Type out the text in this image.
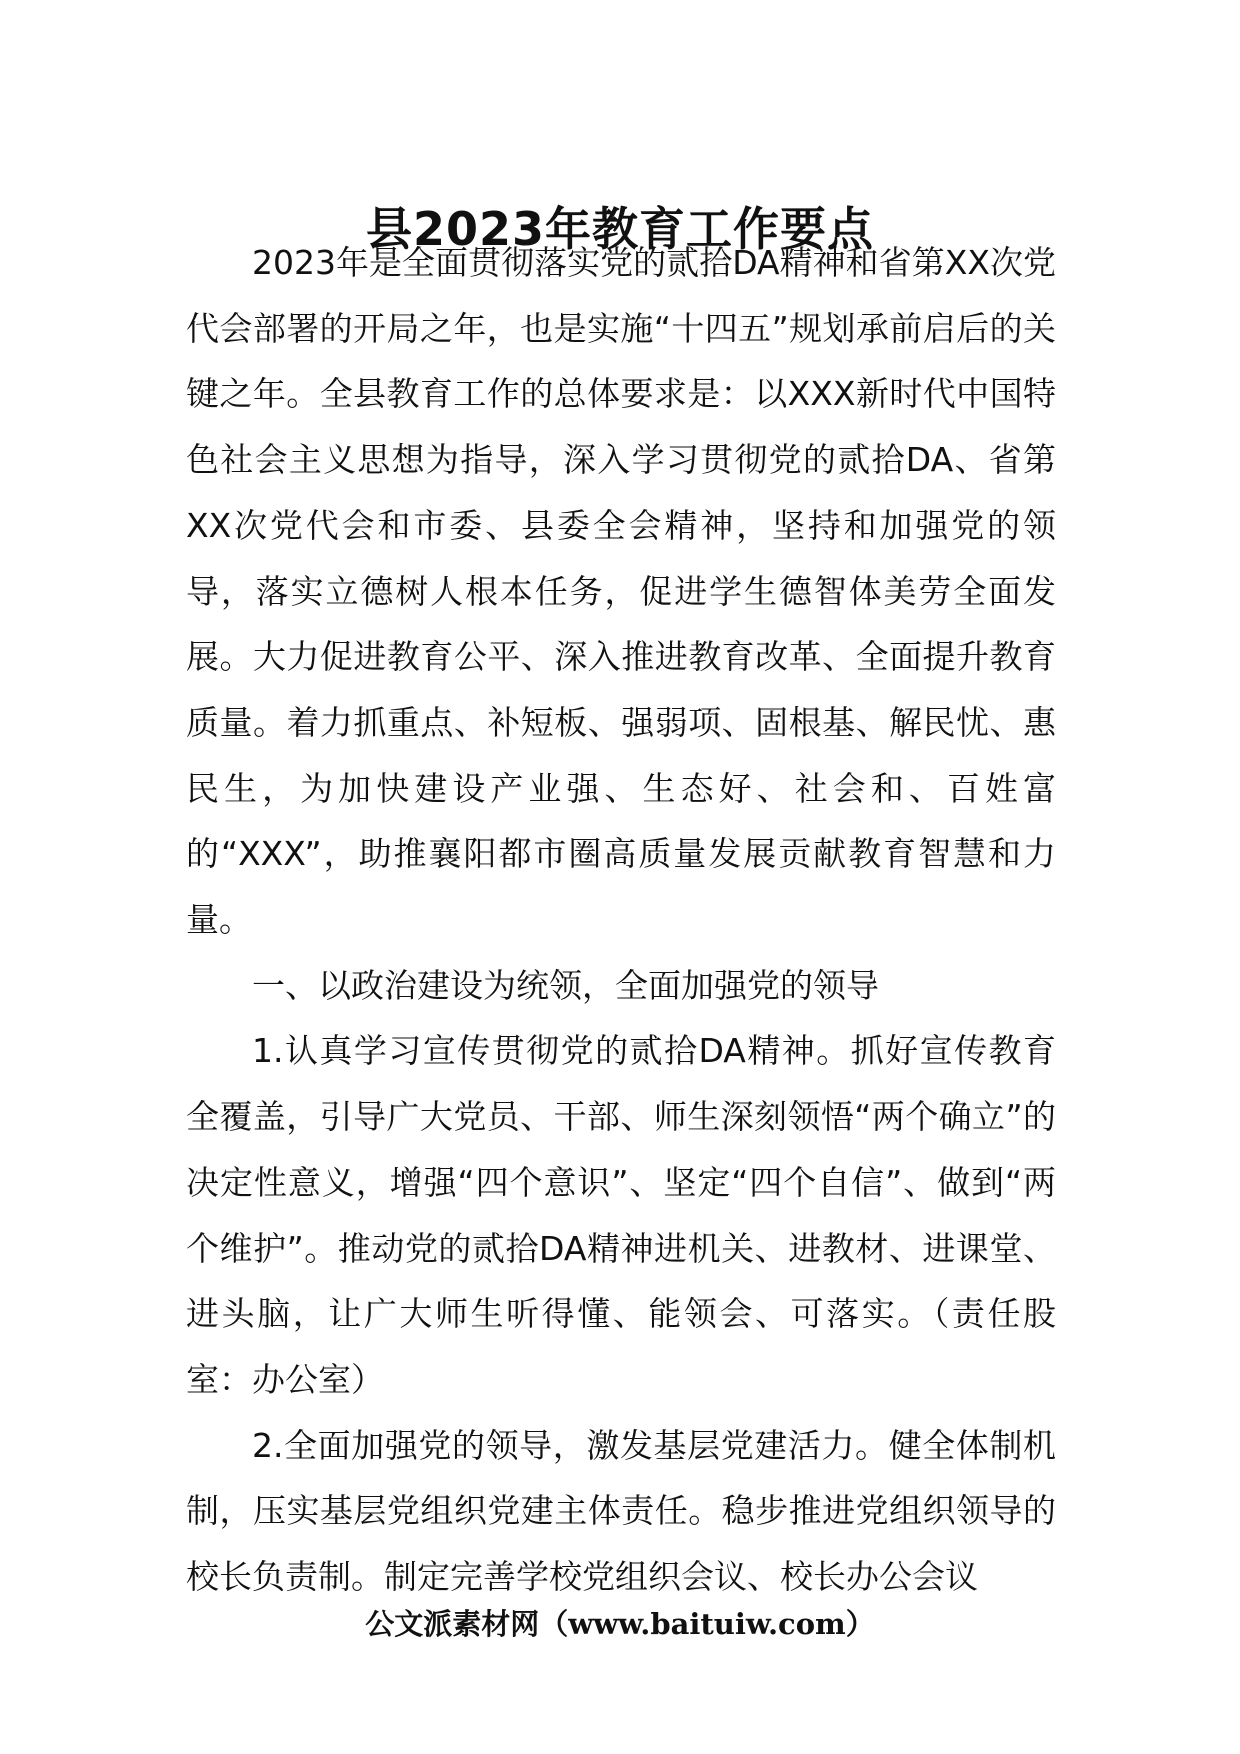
县2023年教育工作要点

2023年是全面贯彻落实党的贰拾DA精神和省第XX次党代会部署的开局之年，也是实施“十四五”规划承前启后的关键之年。全县教育工作的总体要求是：以XXX新时代中国特色社会主义思想为指导，深入学习贯彻党的贰拾DA、省第XX次党代会和市委、县委全会精神，坚持和加强党的领导，落实立德树人根本任务，促进学生德智体美劳全面发展。大力促进教育公平、深入推进教育改革、全面提升教育质量。着力抓重点、补短板、强弱项、固根基、解民忧、惠民生，为加快建设产业强、生态好、社会和、百姓富的“XXX”，助推襄阳都市圈高质量发展贡献教育智慧和力量。

一、以政治建设为统领，全面加强党的领导

1.认真学习宣传贯彻党的贰拾DA精神。抓好宣传教育全覆盖，引导广大党员、干部、师生深刻领悟“两个确立”的决定性意义，增强“四个意识”、坚定“四个自信”、做到“两个维护”。推动党的贰拾DA精神进机关、进教材、进课堂、进头脑，让广大师生听得懂、能领会、可落实。（责任股室：办公室）

2.全面加强党的领导，激发基层党建活力。健全体制机制，压实基层党组织党建主体责任。稳步推进党组织领导的校长负责制。制定完善学校党组织会议、校长办公会议

公文派素材网（www.baituiw.com）
